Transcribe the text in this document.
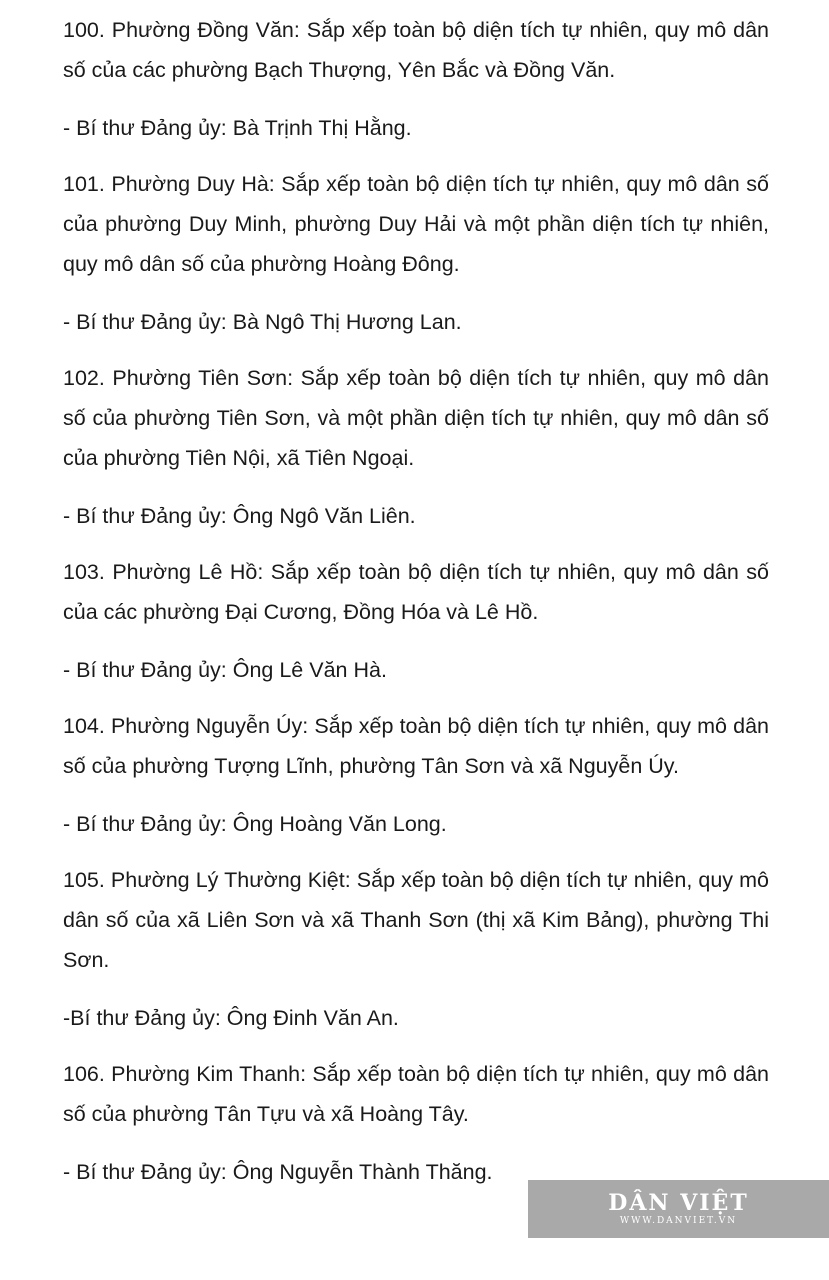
100. Phường Đồng Văn: Sắp xếp toàn bộ diện tích tự nhiên, quy mô dân số của các phường Bạch Thượng, Yên Bắc và Đồng Văn.

- Bí thư Đảng ủy: Bà Trịnh Thị Hằng.

101. Phường Duy Hà: Sắp xếp toàn bộ diện tích tự nhiên, quy mô dân số của phường Duy Minh, phường Duy Hải và một phần diện tích tự nhiên, quy mô dân số của phường Hoàng Đông.

- Bí thư Đảng ủy: Bà Ngô Thị Hương Lan.

102. Phường Tiên Sơn: Sắp xếp toàn bộ diện tích tự nhiên, quy mô dân số của phường Tiên Sơn, và một phần diện tích tự nhiên, quy mô dân số của phường Tiên Nội, xã Tiên Ngoại.

- Bí thư Đảng ủy: Ông Ngô Văn Liên.

103. Phường Lê Hồ: Sắp xếp toàn bộ diện tích tự nhiên, quy mô dân số của các phường Đại Cương, Đồng Hóa và Lê Hồ.

- Bí thư Đảng ủy: Ông Lê Văn Hà.

104. Phường Nguyễn Úy: Sắp xếp toàn bộ diện tích tự nhiên, quy mô dân số của phường Tượng Lĩnh, phường Tân Sơn và xã Nguyễn Úy.

- Bí thư Đảng ủy: Ông Hoàng Văn Long.

105. Phường Lý Thường Kiệt: Sắp xếp toàn bộ diện tích tự nhiên, quy mô dân số của xã Liên Sơn và xã Thanh Sơn (thị xã Kim Bảng), phường Thi Sơn.

-Bí thư Đảng ủy: Ông Đinh Văn An.

106. Phường Kim Thanh: Sắp xếp toàn bộ diện tích tự nhiên, quy mô dân số của phường Tân Tựu và xã Hoàng Tây.

- Bí thư Đảng ủy: Ông Nguyễn Thành Thăng.

DÂN VIỆT
WWW.DANVIET.VN
